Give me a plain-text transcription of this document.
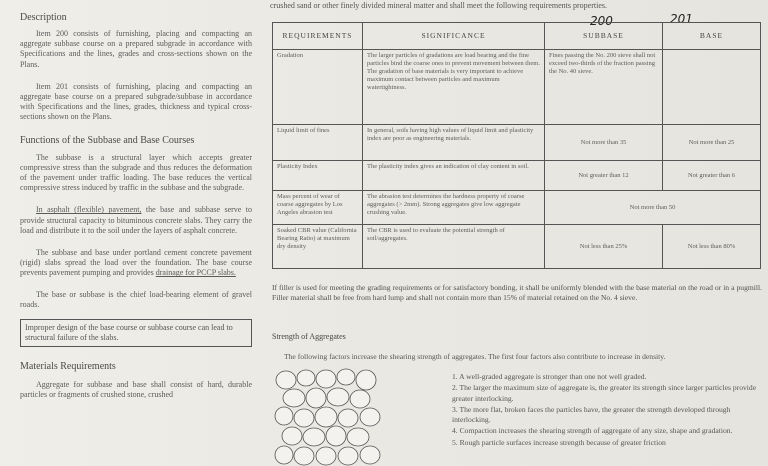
Description

Item 200 consists of furnishing, placing and compacting an aggregate subbase course on a prepared subgrade in accordance with Specifications and the lines, grades and cross-sections shown on the Plans.

Item 201 consists of furnishing, placing and compacting an aggregate base course on a prepared subgrade/subbase in accordance with Specifications and the lines, grades, thickness and typical cross-sections shown on the Plans.

Functions of the Subbase and Base Courses

The subbase is a structural layer which accepts greater compressive stress than the subgrade and thus reduces the deformation of the pavement under traffic loading. The base reduces the vertical compressive stress induced by traffic in the subbase and the subgrade.

In asphalt (flexible) pavement, the base and subbase serve to provide structural capacity to bituminous concrete slabs. They carry the load and distribute it to the soil under the layers of asphalt concrete.

The subbase and base under portland cement concrete pavement (rigid) slabs spread the load over the foundation. The base course prevents pavement pumping and provides drainage for PCCP slabs.

The base or subbase is the chief load-bearing element of gravel roads.

Improper design of the base course or subbase course can lead to structural failure of the slabs.

Materials Requirements

Aggregate for subbase and base shall consist of hard, durable particles or fragments of crushed stone, crushed

crushed sand or other finely divided mineral matter and shall meet the following requirements properties.
200	201
REQUIREMENTS	SIGNIFICANCE	SUBBASE	BASE
Gradation	The larger particles of gradations are load bearing and the fine particles bind the coarse ones to prevent movement between them. The gradation of base materials is very important to achieve maximum contact between particles and maximum watertightness.	Fines passing the No. 200 sieve shall not exceed two-thirds of the fraction passing the No. 40 sieve.	
Liquid limit of fines	In general, soils having high values of liquid limit and plasticity index are poor as engineering materials.	Not more than 35	Not more than 25
Plasticity Index	The plasticity index gives an indication of clay content in soil.	Not greater than 12	Not greater than 6
Mass percent of wear of coarse aggregates by Los Angeles abrasion test	The abrasion test determines the hardness property of coarse aggregates (> 2mm). Strong aggregates give low aggregate crushing value.	Not more than 50	
Soaked CBR value (California Bearing Ratio) at maximum dry density	The CBR is used to evaluate the potential strength of soil/aggregates.	Not less than 25%	Not less than 80%
If filler is used for meeting the grading requirements or for satisfactory bonding, it shall be uniformly blended with the base material on the road or in a pugmill. Filler material shall be free from hard lump and shall not contain more than 15% of material retained on the No. 4 sieve.
Strength of Aggregates
The following factors increase the shearing strength of aggregates. The first four factors also contribute to increase in density.
1. A well-graded aggregate is stronger than one not well graded.
2. The larger the maximum size of aggregate is, the greater its strength since larger particles provide greater interlocking.
3. The more flat, broken faces the particles have, the greater the strength developed through interlocking.
4. Compaction increases the shearing strength of aggregate of any size, shape and gradation.
5. Rough particle surfaces increase strength because of greater friction
